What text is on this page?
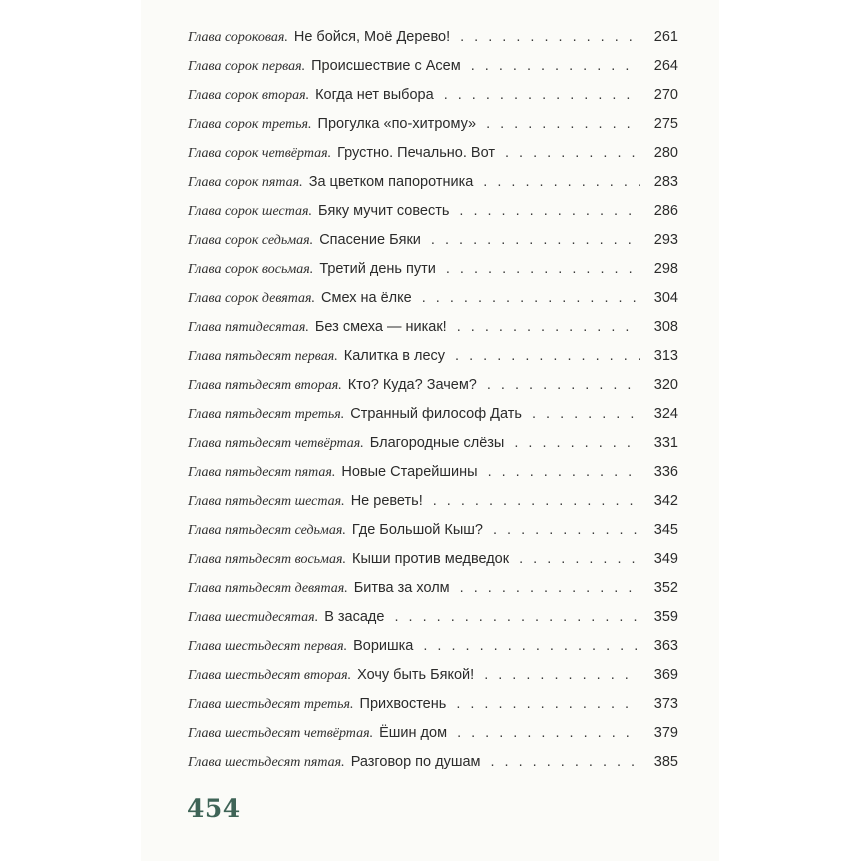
Глава сороковая. Не бойся, Моё Дерево! . . .	261
Глава сорок первая. Происшествие с Асем . . .	264
Глава сорок вторая. Когда нет выбора . . .	270
Глава сорок третья. Прогулка «по-хитрому» . . .	275
Глава сорок четвёртая. Грустно. Печально. Вот . . .	280
Глава сорок пятая. За цветком папоротника . . .	283
Глава сорок шестая. Бяку мучит совесть . . .	286
Глава сорок седьмая. Спасение Бяки . . .	293
Глава сорок восьмая. Третий день пути . . .	298
Глава сорок девятая. Смех на ёлке . . .	304
Глава пятидесятая. Без смеха — никак! . . .	308
Глава пятьдесят первая. Калитка в лесу . . .	313
Глава пятьдесят вторая. Кто? Куда? Зачем? . . .	320
Глава пятьдесят третья. Странный философ Дать . . .	324
Глава пятьдесят четвёртая. Благородные слёзы . . .	331
Глава пятьдесят пятая. Новые Старейшины . . .	336
Глава пятьдесят шестая. Не реветь! . . .	342
Глава пятьдесят седьмая. Где Большой Кыш? . . .	345
Глава пятьдесят восьмая. Кыши против медведок . . .	349
Глава пятьдесят девятая. Битва за холм . . .	352
Глава шестидесятая. В засаде . . .	359
Глава шестьдесят первая. Воришка . . .	363
Глава шестьдесят вторая. Хочу быть Бякой! . . .	369
Глава шестьдесят третья. Прихвостень . . .	373
Глава шестьдесят четвёртая. Ёшин дом . . .	379
Глава шестьдесят пятая. Разговор по душам . . .	385
454
